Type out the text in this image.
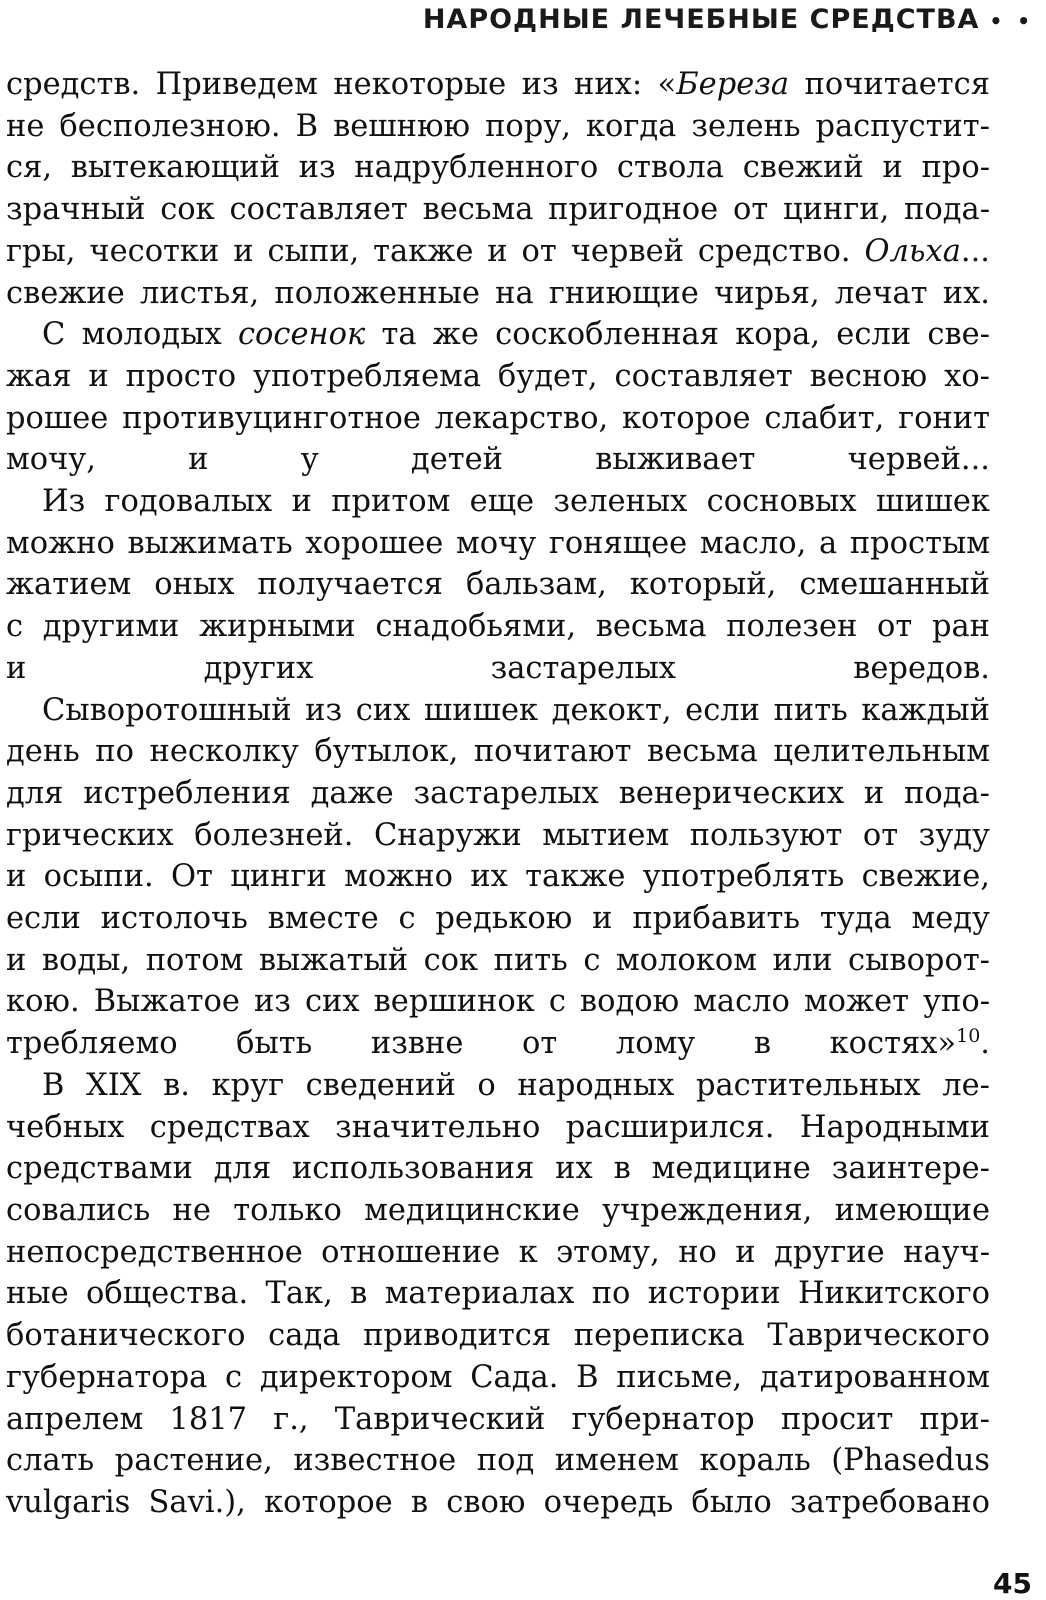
НАРОДНЫЕ ЛЕЧЕБНЫЕ СРЕДСТВА • •

средств. Приведем некоторые из них: «Береза почитается
не бесполезною. В вешнюю пору, когда зелень распустит-
ся, вытекающий из надрубленного ствола свежий и про-
зрачный сок составляет весьма пригодное от цинги, пода-
гры, чесотки и сыпи, также и от червей средство. Ольха...
свежие листья, положенные на гниющие чирья, лечат их.

С молодых сосенок та же соскобленная кора, если све-
жая и просто употребляема будет, составляет весною хо-
рошее противуцинготное лекарство, которое слабит, гонит
мочу, и у детей выживает червей...

Из годовалых и притом еще зеленых сосновых шишек
можно выжимать хорошее мочу гонящее масло, а простым
жатием оных получается бальзам, который, смешанный
с другими жирными снадобьями, весьма полезен от ран
и других застарелых вередов.

Сыворотошный из сих шишек декокт, если пить каждый
день по несколку бутылок, почитают весьма целительным
для истребления даже застарелых венерических и пода-
грических болезней. Снаружи мытием пользуют от зуду
и осыпи. От цинги можно их также употреблять свежие,
если истолочь вместе с редькою и прибавить туда меду
и воды, потом выжатый сок пить с молоком или сыворот-
кою. Выжатое из сих вершинок с водою масло может упо-
требляемо быть извне от лому в костях»$^{10}$.

В XIX в. круг сведений о народных растительных ле-
чебных средствах значительно расширился. Народными
средствами для использования их в медицине заинтере-
совались не только медицинские учреждения, имеющие
непосредственное отношение к этому, но и другие науч-
ные общества. Так, в материалах по истории Никитского
ботанического сада приводится переписка Таврического
губернатора с директором Сада. В письме, датированном
апрелем 1817 г., Таврический губернатор просит при-
слать растение, известное под именем кораль (Phasedus
vulgaris Savi.), которое в свою очередь было затребовано

45
